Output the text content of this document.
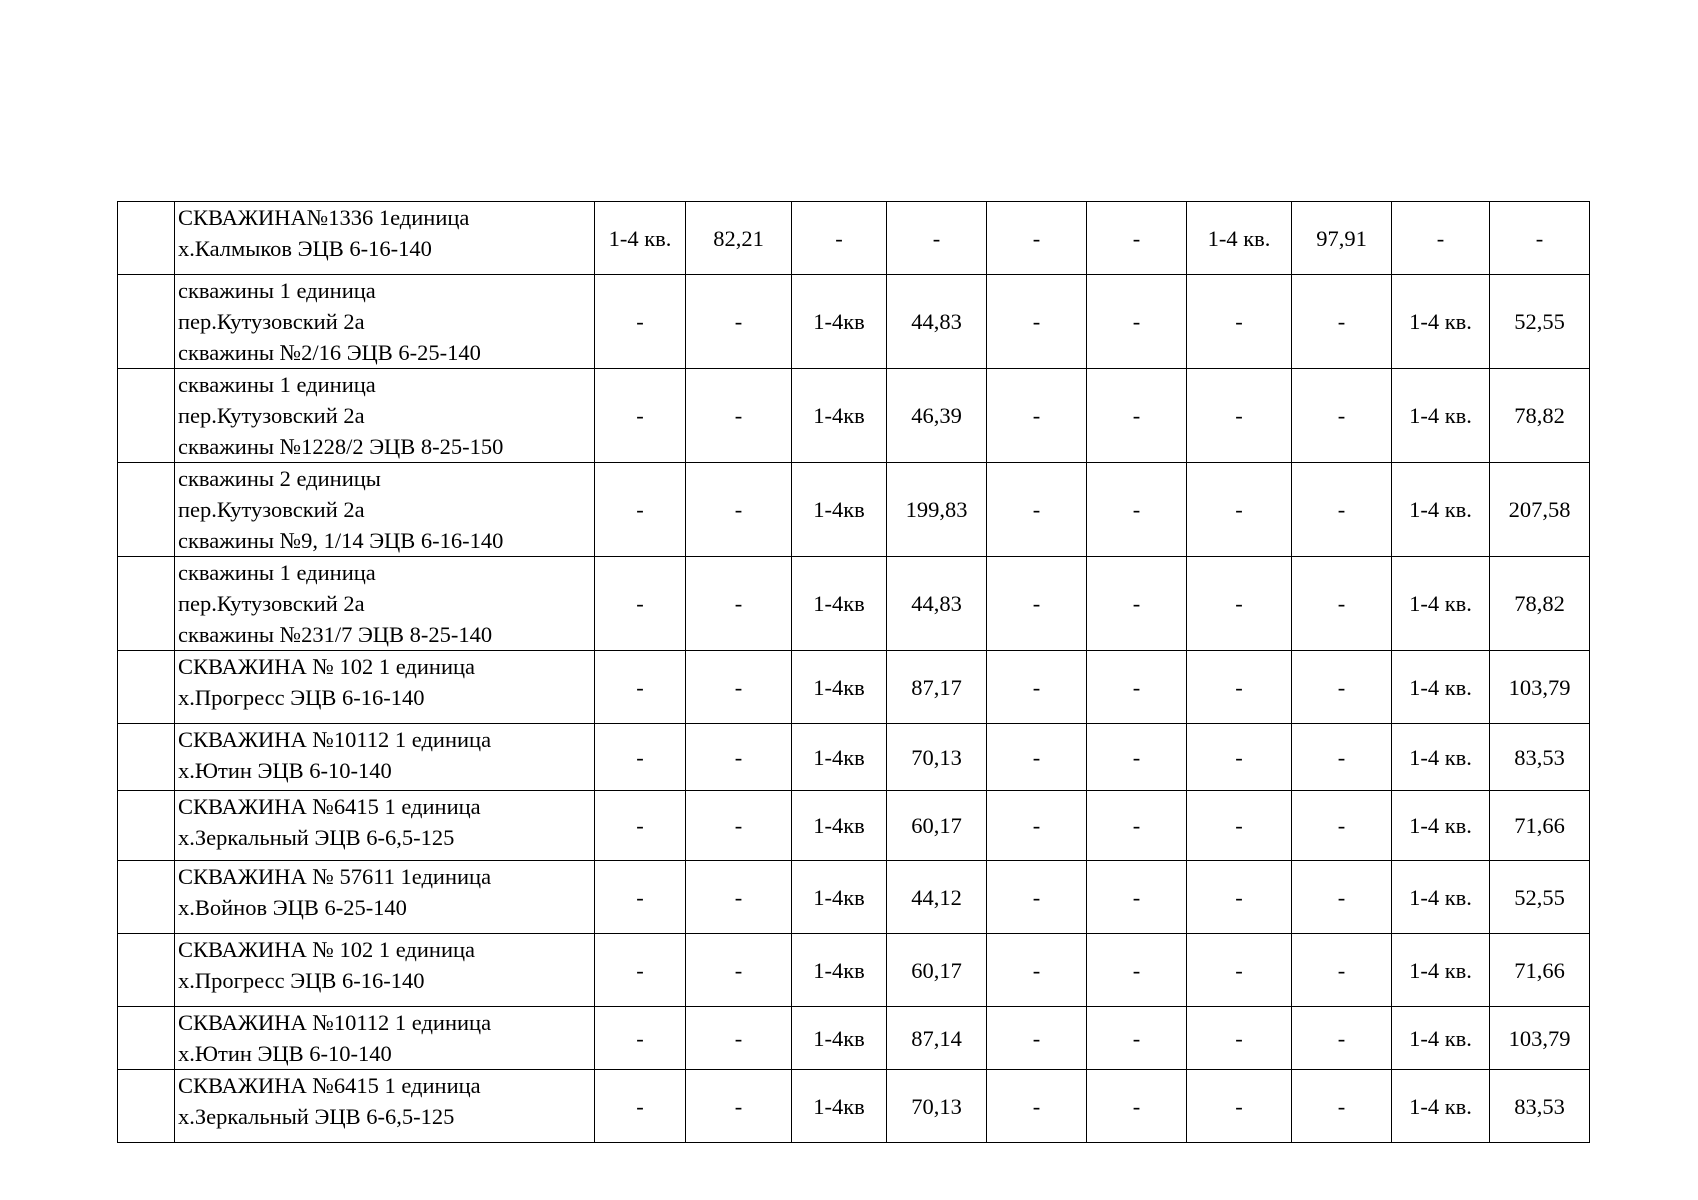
	СКВАЖИНА№1336 1единица
х.Калмыков ЭЦВ 6-16-140	1-4 кв.	82,21	-	-	-	-	1-4 кв.	97,91	-	-

	скважины 1 единица
пер.Кутузовский 2а
скважины №2/16 ЭЦВ 6-25-140	-	-	1-4кв	44,83	-	-	-	-	1-4 кв.	52,55

	скважины 1 единица
пер.Кутузовский 2а
скважины №1228/2 ЭЦВ 8-25-150	-	-	1-4кв	46,39	-	-	-	-	1-4 кв.	78,82

	скважины 2 единицы
пер.Кутузовский 2а
скважины №9, 1/14 ЭЦВ 6-16-140	-	-	1-4кв	199,83	-	-	-	-	1-4 кв.	207,58

	скважины 1 единица
пер.Кутузовский 2а
скважины №231/7 ЭЦВ 8-25-140	-	-	1-4кв	44,83	-	-	-	-	1-4 кв.	78,82

	СКВАЖИНА № 102 1 единица
х.Прогресс ЭЦВ 6-16-140	-	-	1-4кв	87,17	-	-	-	-	1-4 кв.	103,79

	СКВАЖИНА №10112 1 единица
х.Ютин ЭЦВ 6-10-140	-	-	1-4кв	70,13	-	-	-	-	1-4 кв.	83,53

	СКВАЖИНА №6415 1 единица
х.Зеркальный ЭЦВ 6-6,5-125	-	-	1-4кв	60,17	-	-	-	-	1-4 кв.	71,66

	СКВАЖИНА № 57611 1единица
х.Войнов ЭЦВ 6-25-140	-	-	1-4кв	44,12	-	-	-	-	1-4 кв.	52,55

	СКВАЖИНА № 102 1 единица
х.Прогресс ЭЦВ 6-16-140	-	-	1-4кв	60,17	-	-	-	-	1-4 кв.	71,66

	СКВАЖИНА №10112 1 единица
х.Ютин ЭЦВ 6-10-140	-	-	1-4кв	87,14	-	-	-	-	1-4 кв.	103,79

	СКВАЖИНА №6415 1 единица
х.Зеркальный ЭЦВ 6-6,5-125	-	-	1-4кв	70,13	-	-	-	-	1-4 кв.	83,53
